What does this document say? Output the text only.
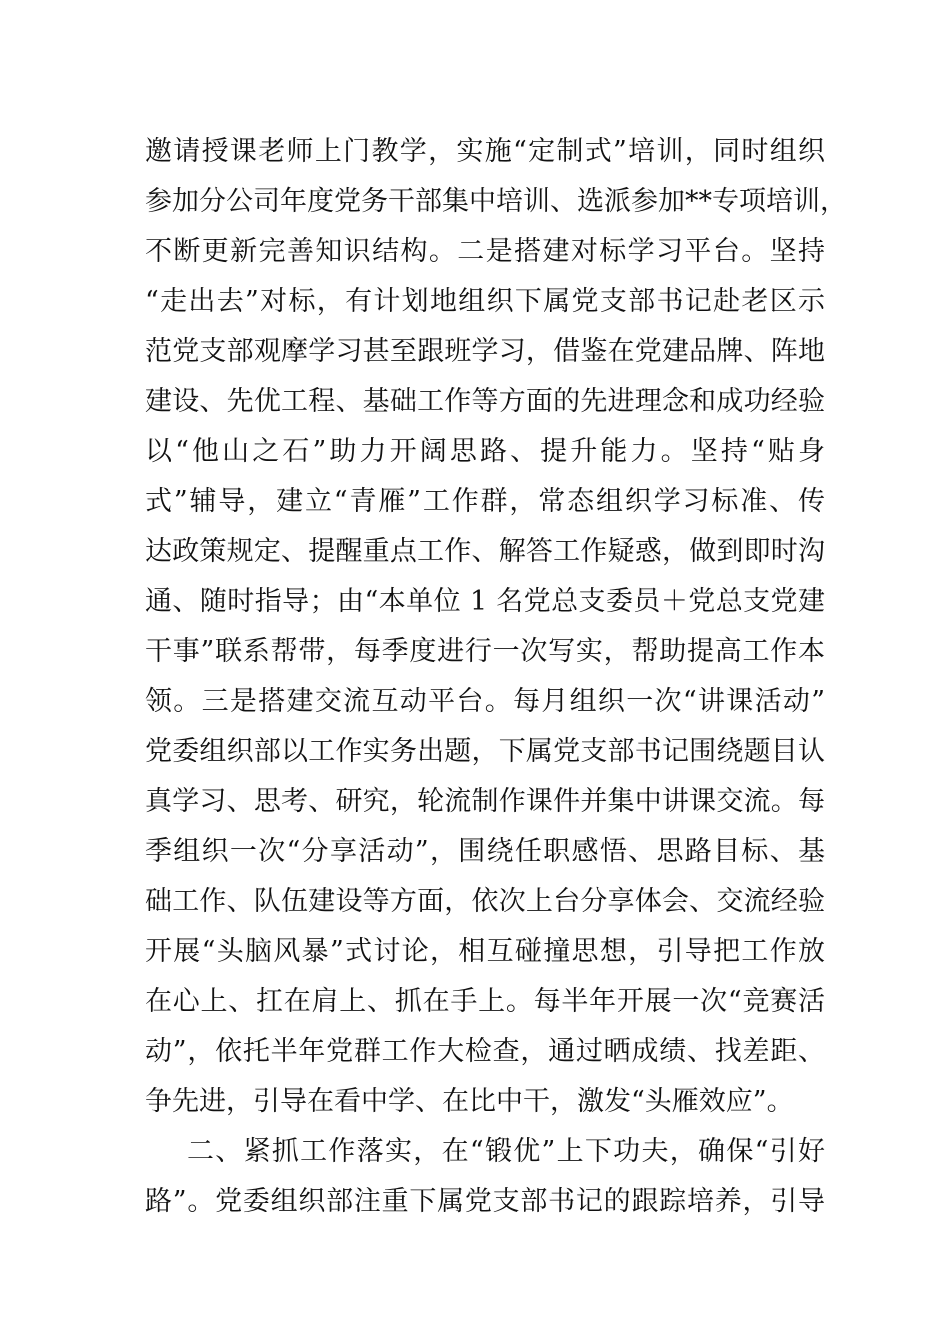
邀请授课老师上门教学，实施“定制式”培训，同时组织
参加分公司年度党务干部集中培训、选派参加**专项培训，
不断更新完善知识结构。二是搭建对标学习平台。坚持
“走出去”对标，有计划地组织下属党支部书记赴老区示
范党支部观摩学习甚至跟班学习，借鉴在党建品牌、阵地
建设、先优工程、基础工作等方面的先进理念和成功经验
以“他山之石”助力开阔思路、提升能力。坚持“贴身
式”辅导，建立“青雁”工作群，常态组织学习标准、传
达政策规定、提醒重点工作、解答工作疑惑，做到即时沟
通、随时指导；由“本单位 1 名党总支委员＋党总支党建
干事”联系帮带，每季度进行一次写实，帮助提高工作本
领。三是搭建交流互动平台。每月组织一次“讲课活动”
党委组织部以工作实务出题，下属党支部书记围绕题目认
真学习、思考、研究，轮流制作课件并集中讲课交流。每
季组织一次“分享活动”，围绕任职感悟、思路目标、基
础工作、队伍建设等方面，依次上台分享体会、交流经验
开展“头脑风暴”式讨论，相互碰撞思想，引导把工作放
在心上、扛在肩上、抓在手上。每半年开展一次“竞赛活
动”，依托半年党群工作大检查，通过晒成绩、找差距、
争先进，引导在看中学、在比中干，激发“头雁效应”。
二、紧抓工作落实，在“锻优”上下功夫，确保“引好
路”。党委组织部注重下属党支部书记的跟踪培养，引导
